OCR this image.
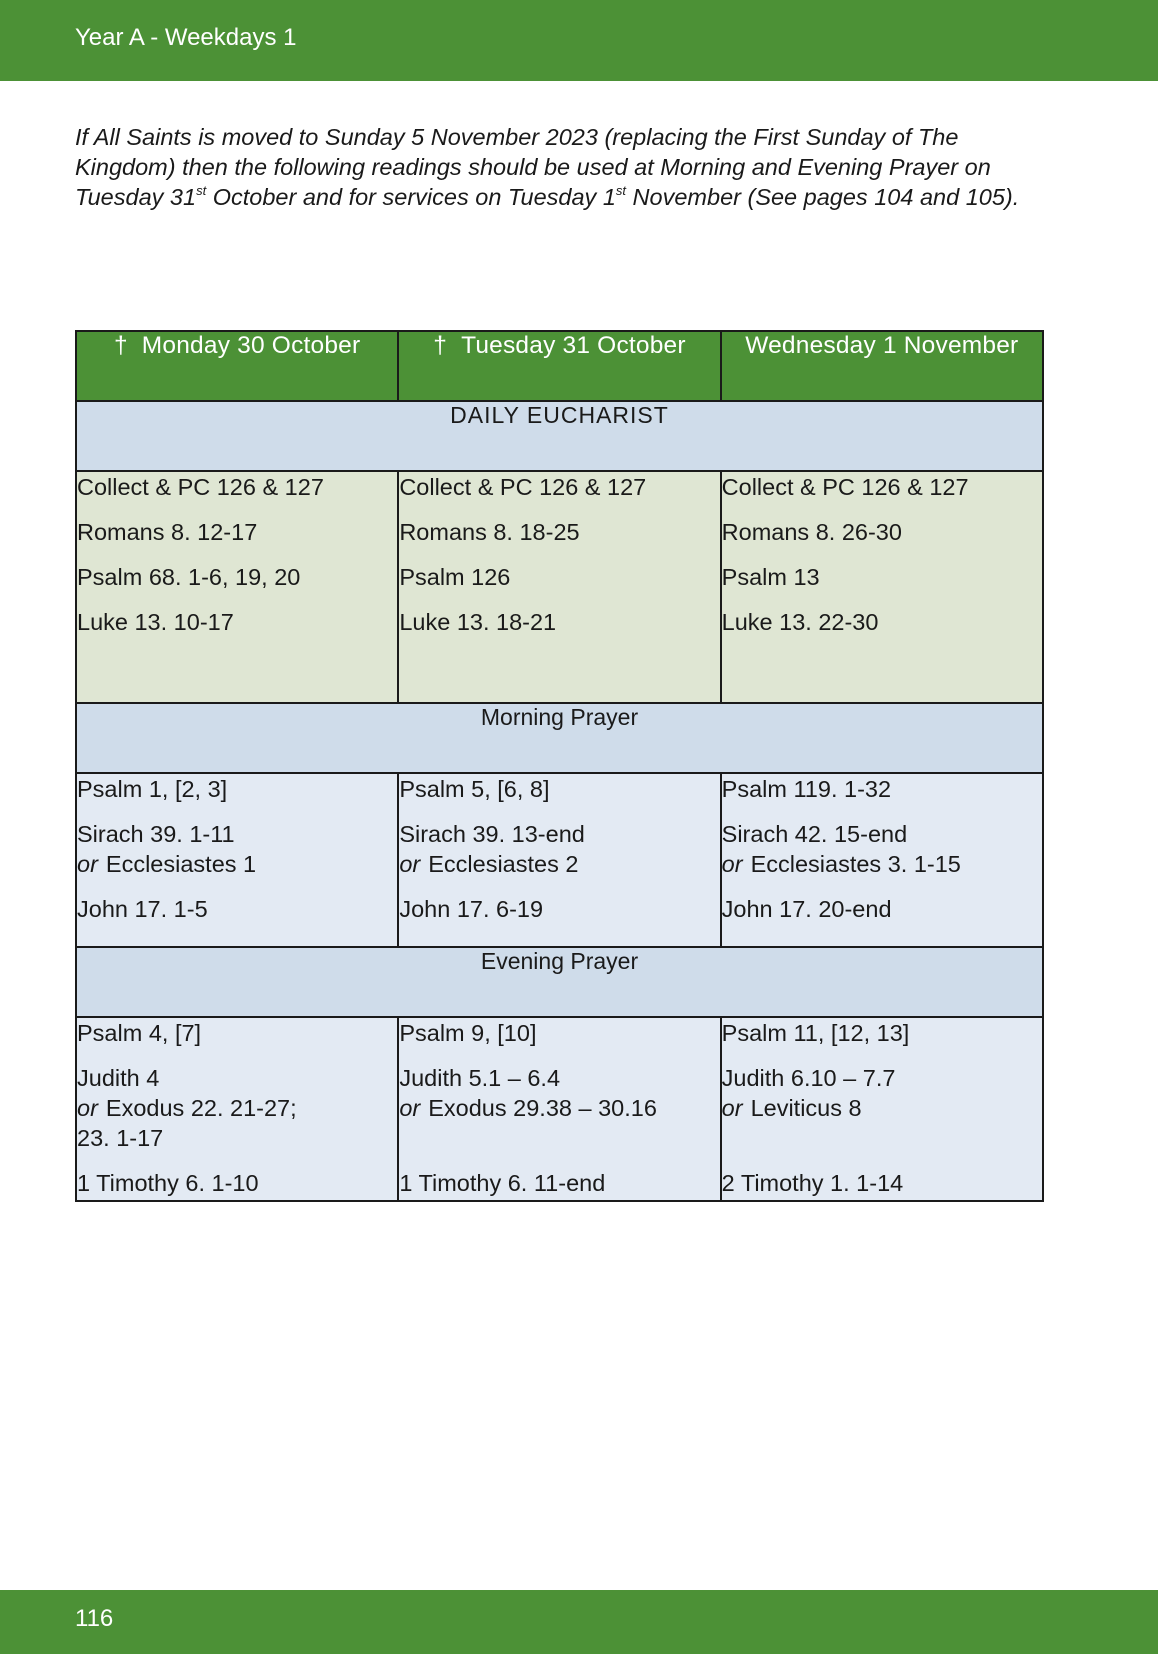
Year A - Weekdays 1
If All Saints is moved to Sunday 5 November 2023 (replacing the First Sunday of The Kingdom) then the following readings should be used at Morning and Evening Prayer on Tuesday 31st October and for services on Tuesday 1st November (See pages 104 and 105).
† Monday 30 October	† Tuesday 31 October	Wednesday 1 November
DAILY EUCHARIST		

Collect & PC 126 & 127
Romans 8. 12-17
Psalm 68. 1-6, 19, 20
Luke 13. 10-17	Collect & PC 126 & 127
Romans 8. 18-25
Psalm 126
Luke 13. 18-21	Collect & PC 126 & 127
Romans 8. 26-30
Psalm 13
Luke 13. 22-30

Morning Prayer		

Psalm 1, [2, 3]
Sirach 39. 1-11
or Ecclesiastes 1
John 17. 1-5	Psalm 5, [6, 8]
Sirach 39. 13-end
or Ecclesiastes 2
John 17. 6-19	Psalm 119. 1-32
Sirach 42. 15-end
or Ecclesiastes 3. 1-15
John 17. 20-end

Evening Prayer		

Psalm 4, [7]
Judith 4
or Exodus 22. 21-27;
23. 1-17
1 Timothy 6. 1-10	Psalm 9, [10]
Judith 5.1 – 6.4
or Exodus 29.38 – 30.16

1 Timothy 6. 11-end	Psalm 11, [12, 13]
Judith 6.10 – 7.7
or Leviticus 8

2 Timothy 1. 1-14
116
